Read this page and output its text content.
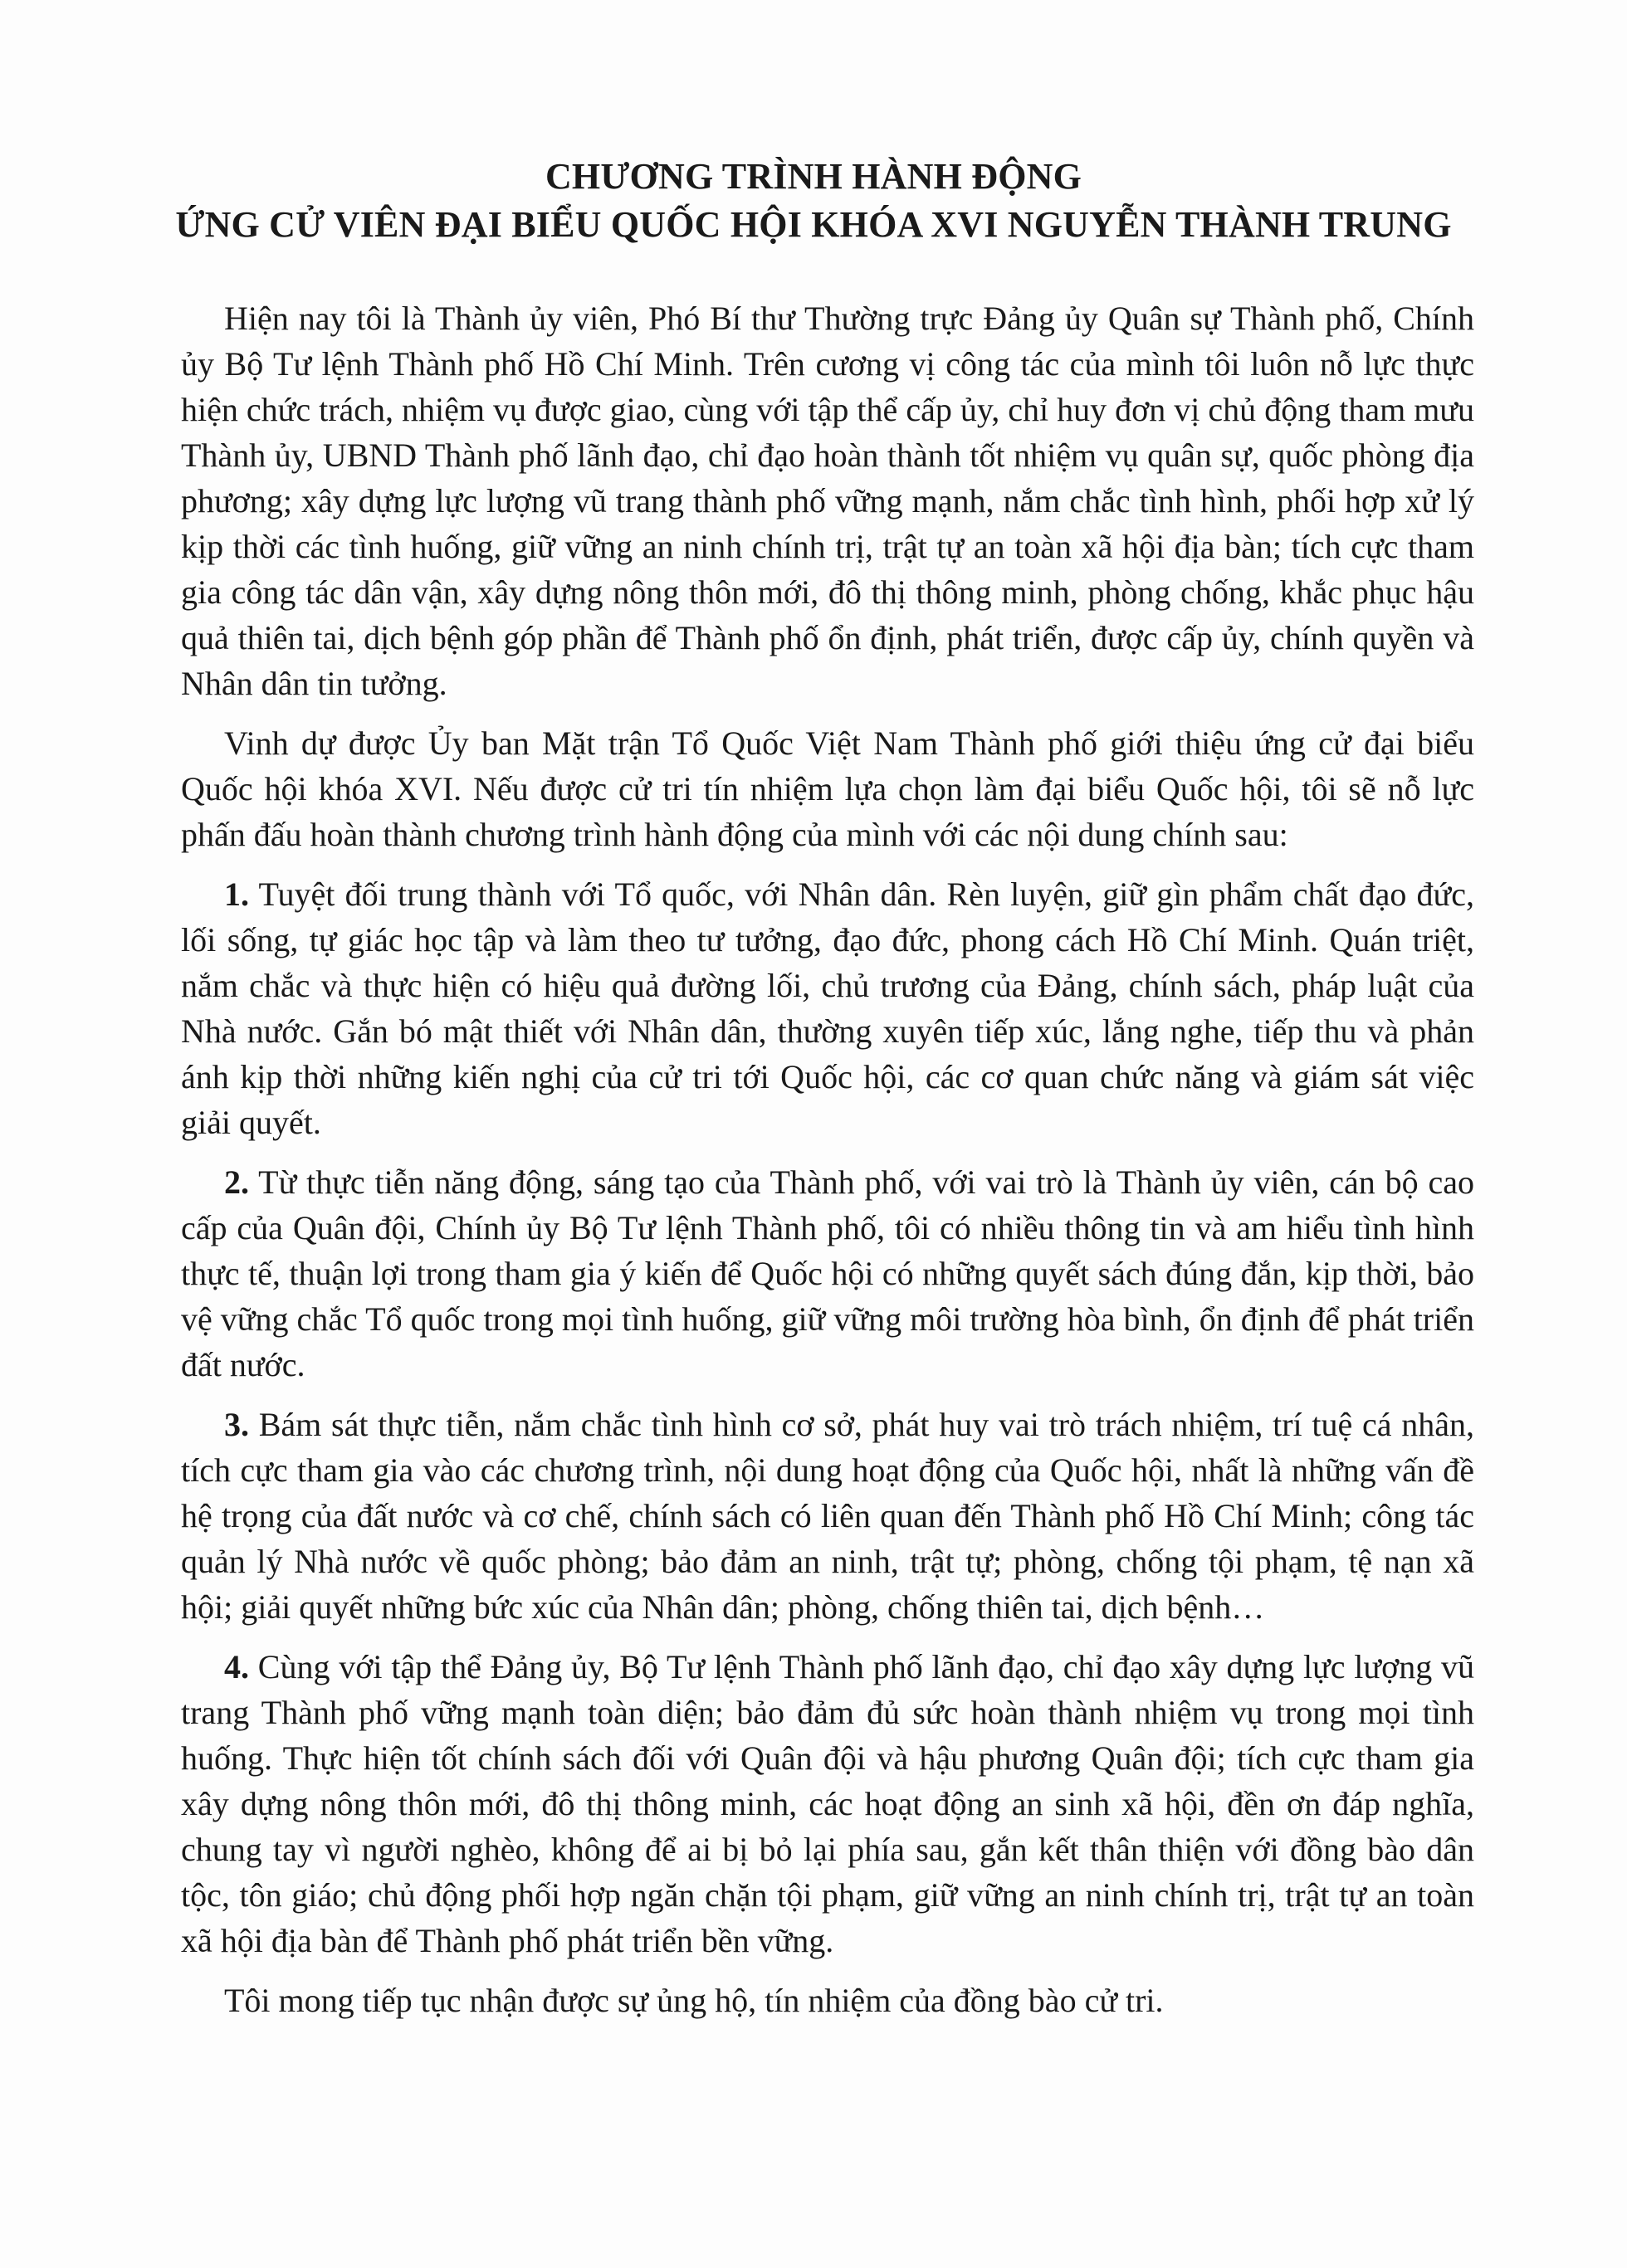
CHƯƠNG TRÌNH HÀNH ĐỘNG
ỨNG CỬ VIÊN ĐẠI BIỂU QUỐC HỘI KHÓA XVI NGUYỄN THÀNH TRUNG

Hiện nay tôi là Thành ủy viên, Phó Bí thư Thường trực Đảng ủy Quân sự Thành phố, Chính ủy Bộ Tư lệnh Thành phố Hồ Chí Minh. Trên cương vị công tác của mình tôi luôn nỗ lực thực hiện chức trách, nhiệm vụ được giao, cùng với tập thể cấp ủy, chỉ huy đơn vị chủ động tham mưu Thành ủy, UBND Thành phố lãnh đạo, chỉ đạo hoàn thành tốt nhiệm vụ quân sự, quốc phòng địa phương; xây dựng lực lượng vũ trang thành phố vững mạnh, nắm chắc tình hình, phối hợp xử lý kịp thời các tình huống, giữ vững an ninh chính trị, trật tự an toàn xã hội địa bàn; tích cực tham gia công tác dân vận, xây dựng nông thôn mới, đô thị thông minh, phòng chống, khắc phục hậu quả thiên tai, dịch bệnh góp phần để Thành phố ổn định, phát triển, được cấp ủy, chính quyền và Nhân dân tin tưởng.

Vinh dự được Ủy ban Mặt trận Tổ Quốc Việt Nam Thành phố giới thiệu ứng cử đại biểu Quốc hội khóa XVI. Nếu được cử tri tín nhiệm lựa chọn làm đại biểu Quốc hội, tôi sẽ nỗ lực phấn đấu hoàn thành chương trình hành động của mình với các nội dung chính sau:

1. Tuyệt đối trung thành với Tổ quốc, với Nhân dân. Rèn luyện, giữ gìn phẩm chất đạo đức, lối sống, tự giác học tập và làm theo tư tưởng, đạo đức, phong cách Hồ Chí Minh. Quán triệt, nắm chắc và thực hiện có hiệu quả đường lối, chủ trương của Đảng, chính sách, pháp luật của Nhà nước. Gắn bó mật thiết với Nhân dân, thường xuyên tiếp xúc, lắng nghe, tiếp thu và phản ánh kịp thời những kiến nghị của cử tri tới Quốc hội, các cơ quan chức năng và giám sát việc giải quyết.

2. Từ thực tiễn năng động, sáng tạo của Thành phố, với vai trò là Thành ủy viên, cán bộ cao cấp của Quân đội, Chính ủy Bộ Tư lệnh Thành phố, tôi có nhiều thông tin và am hiểu tình hình thực tế, thuận lợi trong tham gia ý kiến để Quốc hội có những quyết sách đúng đắn, kịp thời, bảo vệ vững chắc Tổ quốc trong mọi tình huống, giữ vững môi trường hòa bình, ổn định để phát triển đất nước.

3. Bám sát thực tiễn, nắm chắc tình hình cơ sở, phát huy vai trò trách nhiệm, trí tuệ cá nhân, tích cực tham gia vào các chương trình, nội dung hoạt động của Quốc hội, nhất là những vấn đề hệ trọng của đất nước và cơ chế, chính sách có liên quan đến Thành phố Hồ Chí Minh; công tác quản lý Nhà nước về quốc phòng; bảo đảm an ninh, trật tự; phòng, chống tội phạm, tệ nạn xã hội; giải quyết những bức xúc của Nhân dân; phòng, chống thiên tai, dịch bệnh…

4. Cùng với tập thể Đảng ủy, Bộ Tư lệnh Thành phố lãnh đạo, chỉ đạo xây dựng lực lượng vũ trang Thành phố vững mạnh toàn diện; bảo đảm đủ sức hoàn thành nhiệm vụ trong mọi tình huống. Thực hiện tốt chính sách đối với Quân đội và hậu phương Quân đội; tích cực tham gia xây dựng nông thôn mới, đô thị thông minh, các hoạt động an sinh xã hội, đền ơn đáp nghĩa, chung tay vì người nghèo, không để ai bị bỏ lại phía sau, gắn kết thân thiện với đồng bào dân tộc, tôn giáo; chủ động phối hợp ngăn chặn tội phạm, giữ vững an ninh chính trị, trật tự an toàn xã hội địa bàn để Thành phố phát triển bền vững.

Tôi mong tiếp tục nhận được sự ủng hộ, tín nhiệm của đồng bào cử tri.
